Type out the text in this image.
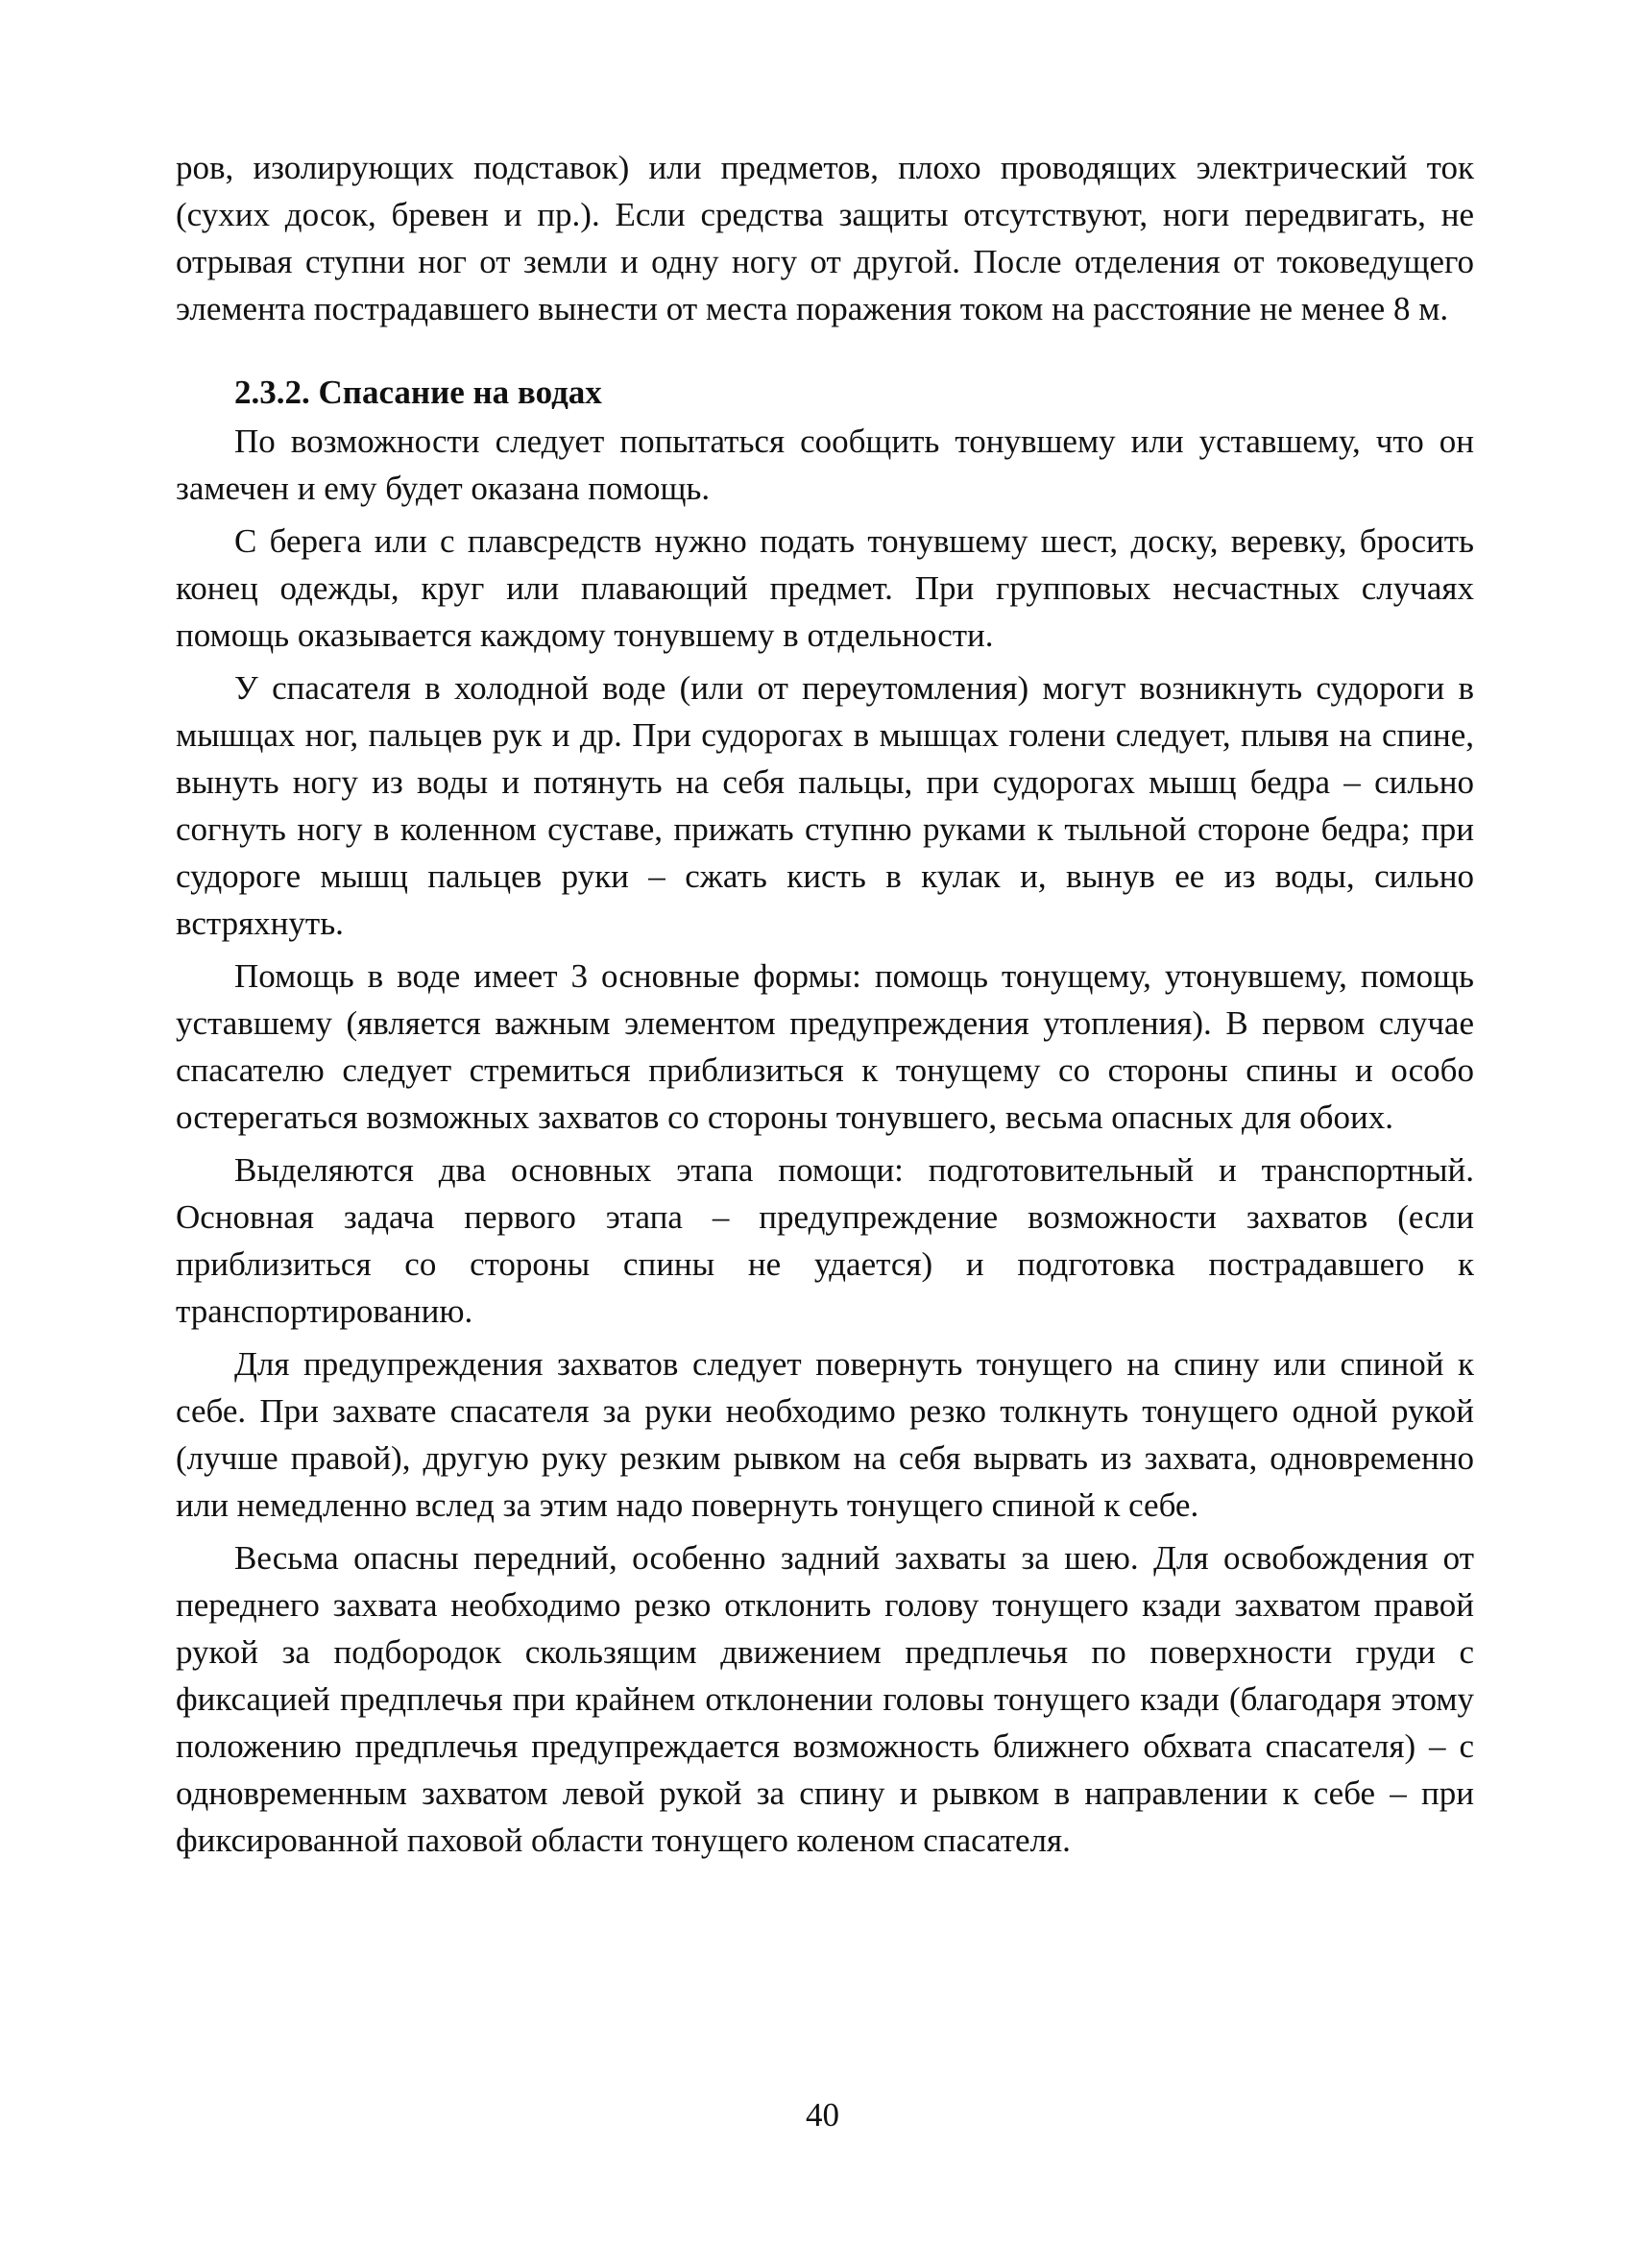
ров, изолирующих подставок) или предметов, плохо проводящих электрический ток (сухих досок, бревен и пр.). Если средства защиты отсутствуют, ноги передвигать, не отрывая ступни ног от земли и одну ногу от другой. После отделения от токоведущего элемента пострадавшего вынести от места поражения током на расстояние не менее 8 м.

2.3.2. Спасание на водах

По возможности следует попытаться сообщить тонувшему или уставшему, что он замечен и ему будет оказана помощь.

С берега или с плавсредств нужно подать тонувшему шест, доску, веревку, бросить конец одежды, круг или плавающий предмет. При групповых несчастных случаях помощь оказывается каждому тонувшему в отдельности.

У спасателя в холодной воде (или от переутомления) могут возникнуть судороги в мышцах ног, пальцев рук и др. При судорогах в мышцах голени следует, плывя на спине, вынуть ногу из воды и потянуть на себя пальцы, при судорогах мышц бедра – сильно согнуть ногу в коленном суставе, прижать ступню руками к тыльной стороне бедра; при судороге мышц пальцев руки – сжать кисть в кулак и, вынув ее из воды, сильно встряхнуть.

Помощь в воде имеет 3 основные формы: помощь тонущему, утонувшему, помощь уставшему (является важным элементом предупреждения утопления). В первом случае спасателю следует стремиться приблизиться к тонущему со стороны спины и особо остерегаться возможных захватов со стороны тонувшего, весьма опасных для обоих.

Выделяются два основных этапа помощи: подготовительный и транспортный. Основная задача первого этапа – предупреждение возможности захватов (если приблизиться со стороны спины не удается) и подготовка пострадавшего к транспортированию.

Для предупреждения захватов следует повернуть тонущего на спину или спиной к себе. При захвате спасателя за руки необходимо резко толкнуть тонущего одной рукой (лучше правой), другую руку резким рывком на себя вырвать из захвата, одновременно или немедленно вслед за этим надо повернуть тонущего спиной к себе.

Весьма опасны передний, особенно задний захваты за шею. Для освобождения от переднего захвата необходимо резко отклонить голову тонущего кзади захватом правой рукой за подбородок скользящим движением предплечья по поверхности груди с фиксацией предплечья при крайнем отклонении головы тонущего кзади (благодаря этому положению предплечья предупреждается возможность ближнего обхвата спасателя) – с одновременным захватом левой рукой за спину и рывком в направлении к себе – при фиксированной паховой области тонущего коленом спасателя.

40
